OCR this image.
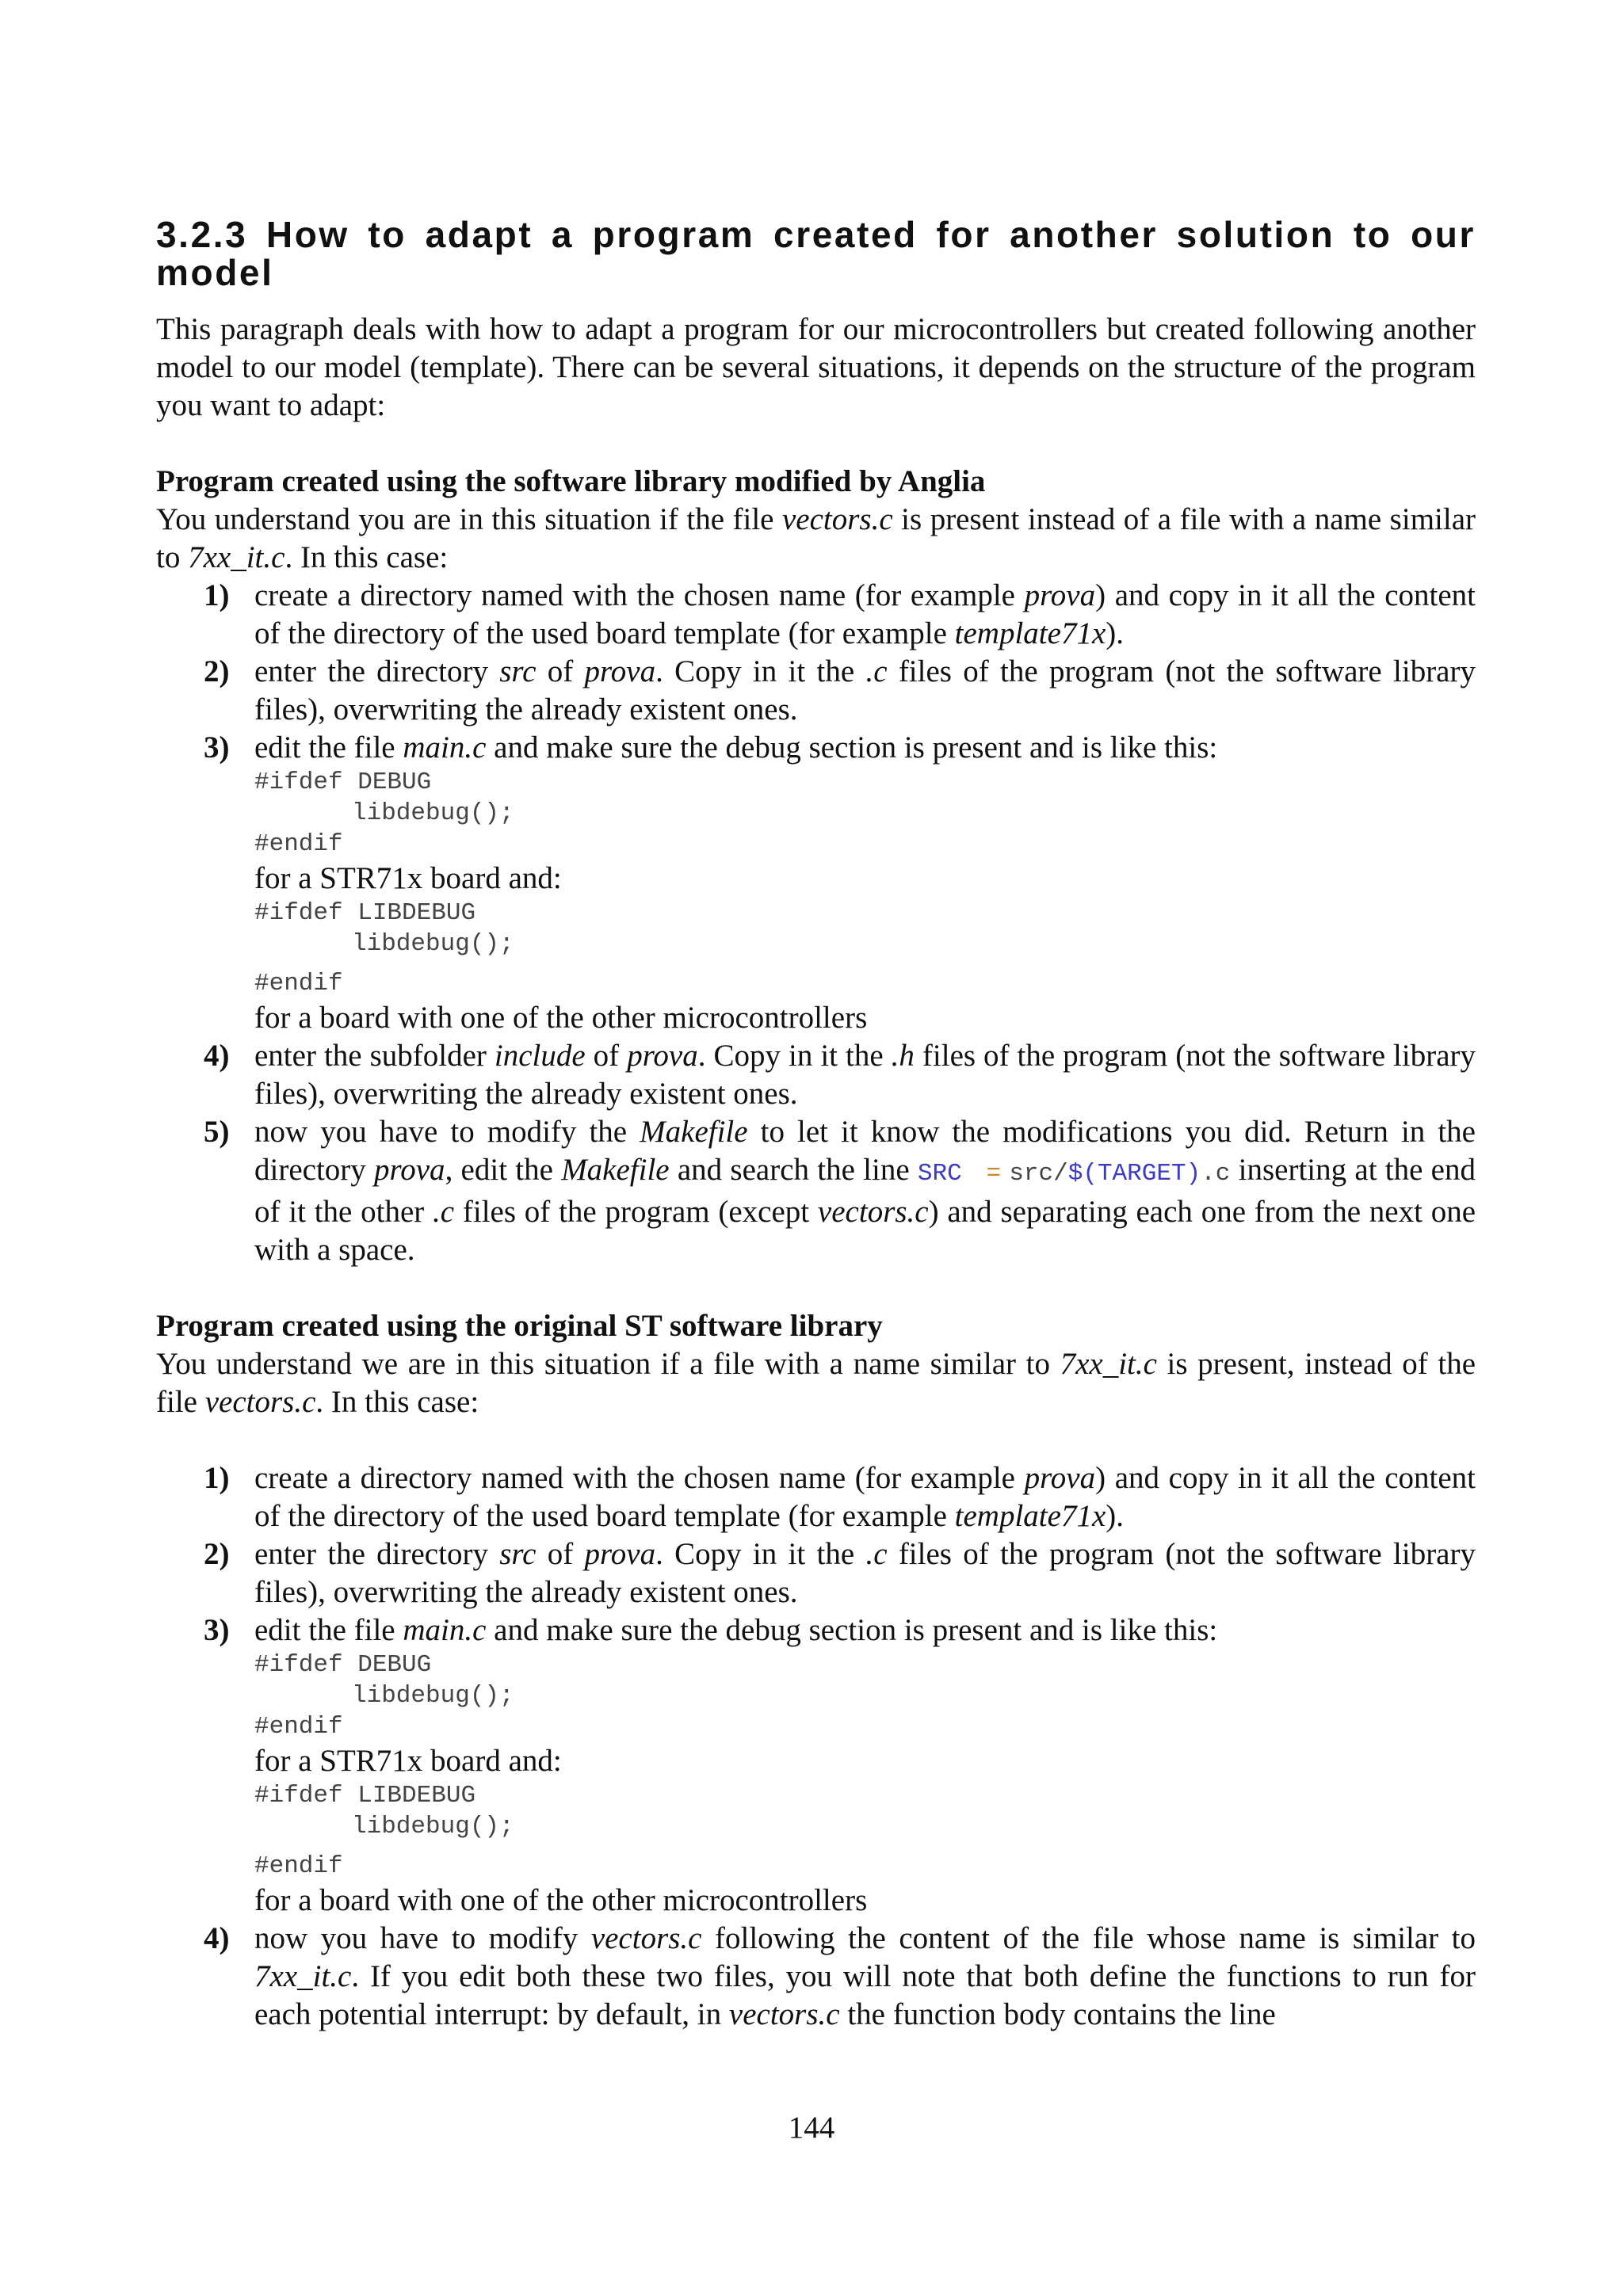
3.2.3 How to adapt a program created for another solution to our model

This paragraph deals with how to adapt a program for our microcontrollers but created following another model to our model (template). There can be several situations, it depends on the structure of the program you want to adapt:

Program created using the software library modified by Anglia

You understand you are in this situation if the file vectors.c is present instead of a file with a name similar to 7xx_it.c. In this case:

1) create a directory named with the chosen name (for example prova) and copy in it all the content of the directory of the used board template (for example template71x).
2) enter the directory src of prova. Copy in it the .c files of the program (not the software library files), overwriting the already existent ones.
3) edit the file main.c and make sure the debug section is present and is like this:
#ifdef DEBUG
libdebug();
#endif
for a STR71x board and:
#ifdef LIBDEBUG
libdebug();
#endif
for a board with one of the other microcontrollers
4) enter the subfolder include of prova. Copy in it the .h files of the program (not the software library files), overwriting the already existent ones.
5) now you have to modify the Makefile to let it know the modifications you did. Return in the directory prova, edit the Makefile and search the line SRC = src/$(TARGET).c inserting at the end of it the other .c files of the program (except vectors.c) and separating each one from the next one with a space.

Program created using the original ST software library

You understand we are in this situation if a file with a name similar to 7xx_it.c is present, instead of the file vectors.c. In this case:

1) create a directory named with the chosen name (for example prova) and copy in it all the content of the directory of the used board template (for example template71x).
2) enter the directory src of prova. Copy in it the .c files of the program (not the software library files), overwriting the already existent ones.
3) edit the file main.c and make sure the debug section is present and is like this:
#ifdef DEBUG
libdebug();
#endif
for a STR71x board and:
#ifdef LIBDEBUG
libdebug();
#endif
for a board with one of the other microcontrollers
4) now you have to modify vectors.c following the content of the file whose name is similar to 7xx_it.c. If you edit both these two files, you will note that both define the functions to run for each potential interrupt: by default, in vectors.c the function body contains the line
144
